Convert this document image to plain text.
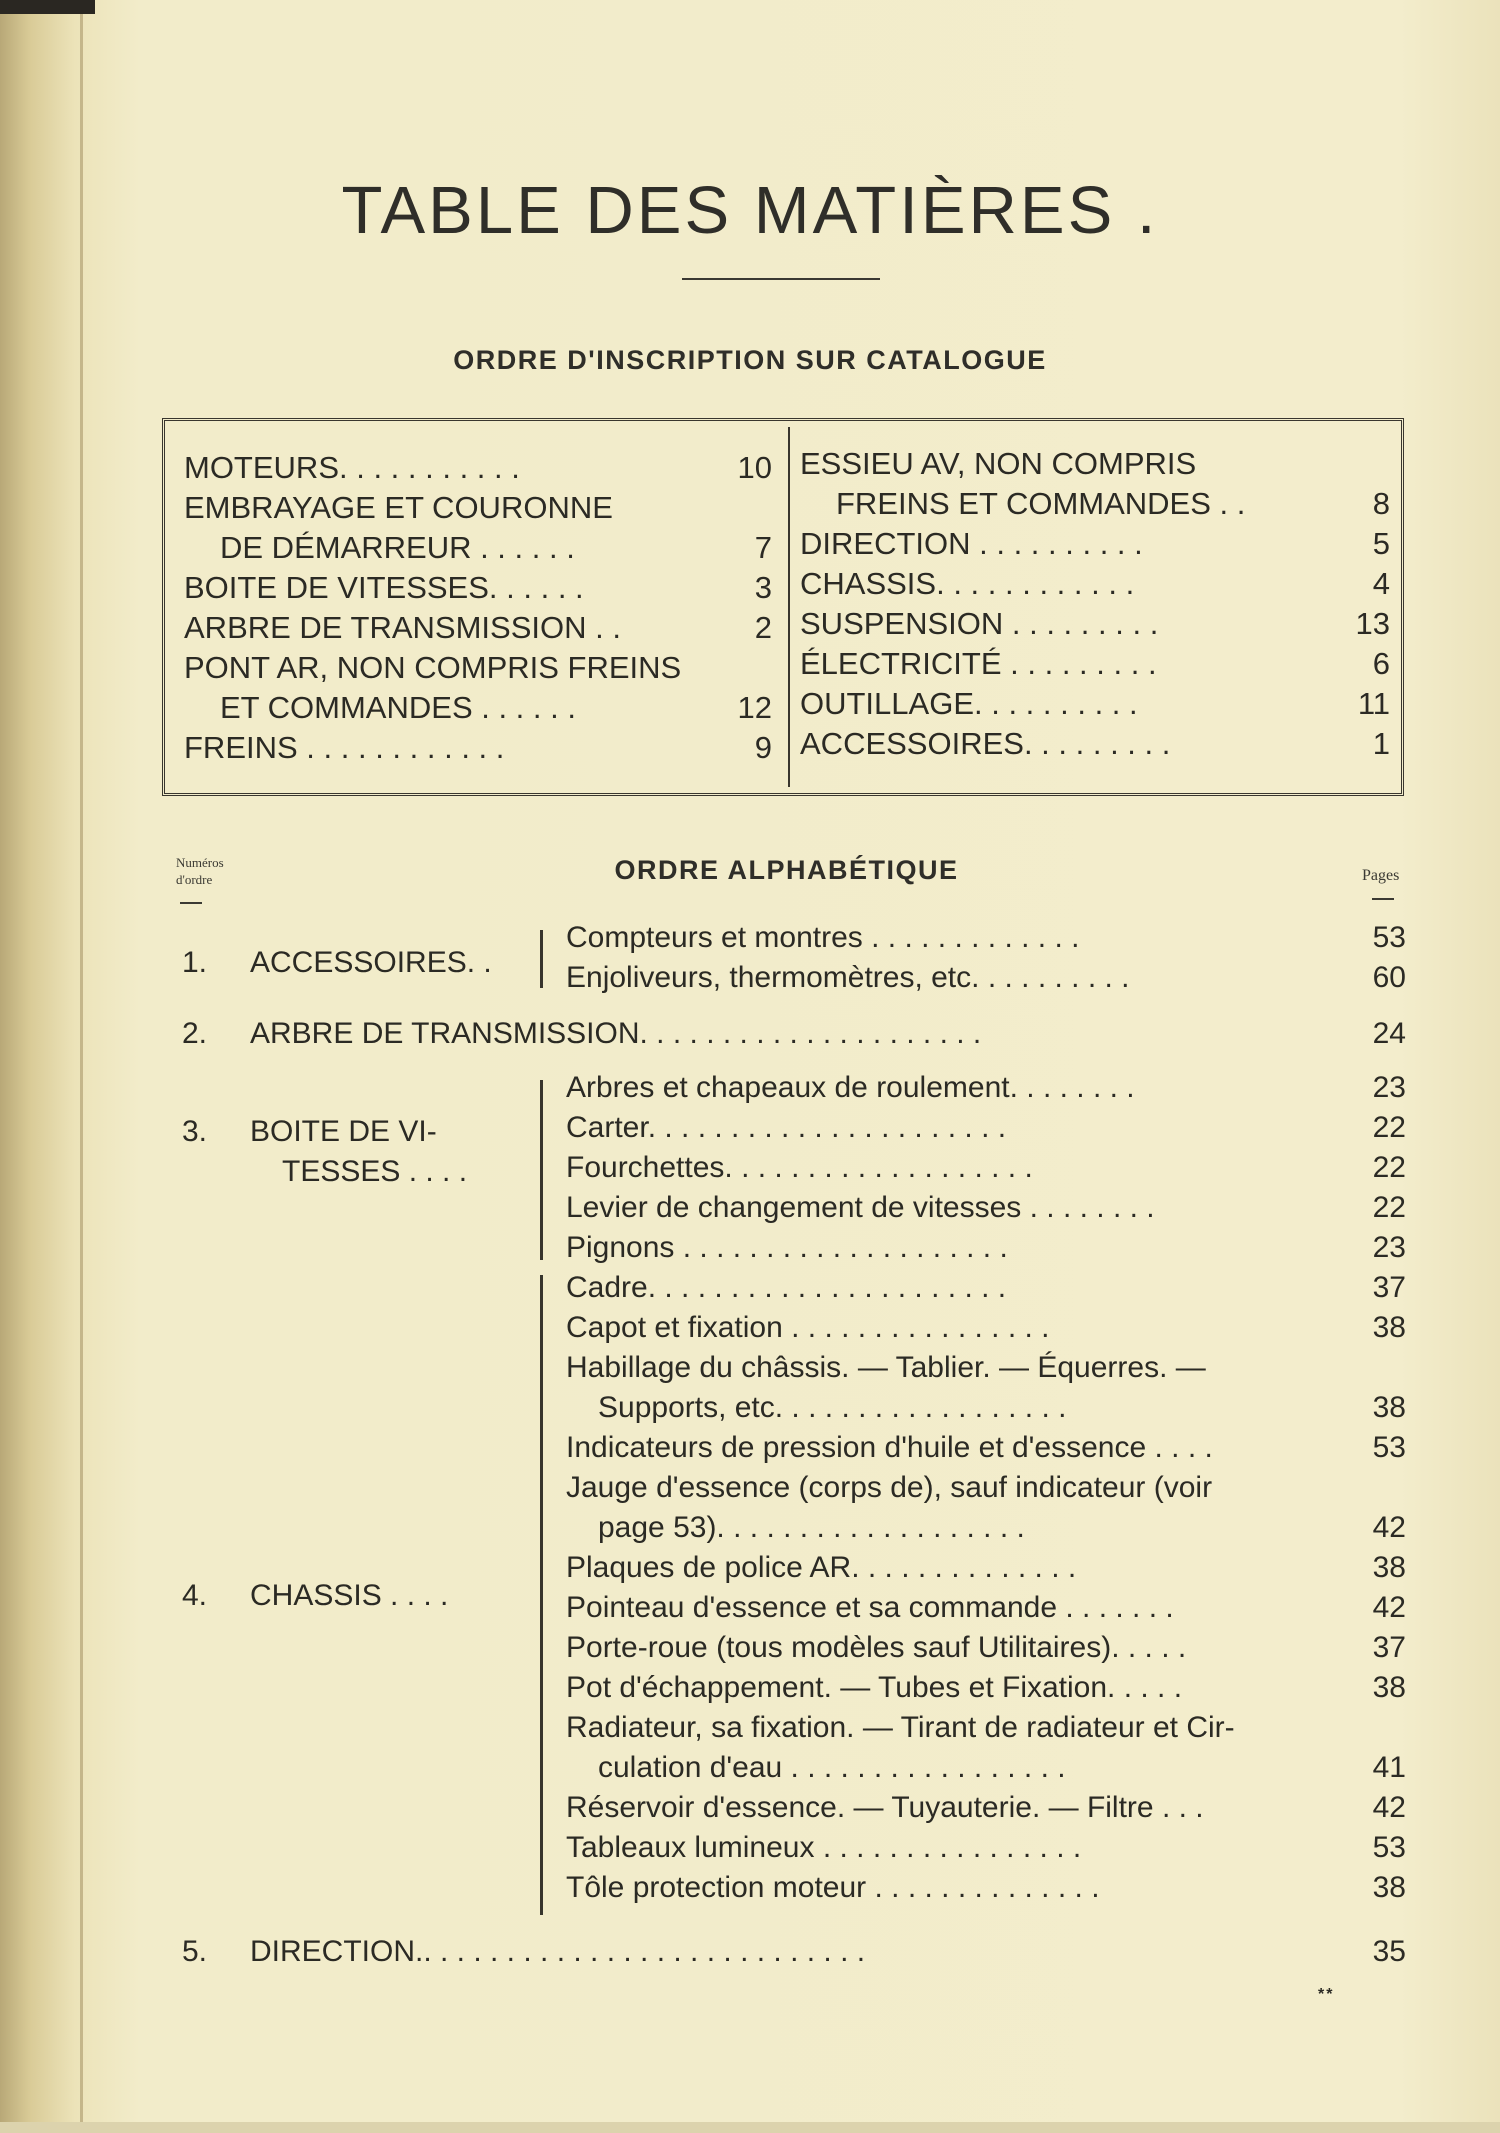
TABLE DES MATIÈRES .
ORDRE D'INSCRIPTION SUR CATALOGUE
MOTEURS. . . . . . . . . . .	10
EMBRAYAGE ET COURONNE
DE DÉMARREUR . . . . . .	7
BOITE DE VITESSES. . . . . .	3
ARBRE DE TRANSMISSION . .	2
PONT AR, NON COMPRIS FREINS
ET COMMANDES . . . . . .	12
FREINS . . . . . . . . . . . .	9
ESSIEU AV, NON COMPRIS
FREINS ET COMMANDES . .	8
DIRECTION . . . . . . . . . .	5
CHASSIS. . . . . . . . . . . .	4
SUSPENSION . . . . . . . . .	13
ÉLECTRICITÉ . . . . . . . . .	6
OUTILLAGE. . . . . . . . . .	11
ACCESSOIRES. . . . . . . . .	1
Numéros
d'ordre	ORDRE ALPHABÉTIQUE	Pages
1. ACCESSOIRES. .
Compteurs et montres . . . . . . . . . . . . .	53
Enjoliveurs, thermomètres, etc. . . . . . . . . .	60
2. ARBRE DE TRANSMISSION. . . . . . . . . . . . . . . . . . . . .	24
3. BOITE DE VI-
TESSES . . . .
Arbres et chapeaux de roulement. . . . . . . .	23
Carter. . . . . . . . . . . . . . . . . . . . . .	22
Fourchettes. . . . . . . . . . . . . . . . . . .	22
Levier de changement de vitesses . . . . . . . .	22
Pignons . . . . . . . . . . . . . . . . . . . .	23
4. CHASSIS . . . .
Cadre. . . . . . . . . . . . . . . . . . . . . .	37
Capot et fixation . . . . . . . . . . . . . . . .	38
Habillage du châssis. — Tablier. — Équerres. —
Supports, etc. . . . . . . . . . . . . . . . . .	38
Indicateurs de pression d'huile et d'essence . . . .	53
Jauge d'essence (corps de), sauf indicateur (voir
page 53). . . . . . . . . . . . . . . . . . .	42
Plaques de police AR. . . . . . . . . . . . . .	38
Pointeau d'essence et sa commande . . . . . . .	42
Porte-roue (tous modèles sauf Utilitaires). . . . .	37
Pot d'échappement. — Tubes et Fixation. . . . .	38
Radiateur, sa fixation. — Tirant de radiateur et Cir-
culation d'eau . . . . . . . . . . . . . . . . .	41
Réservoir d'essence. — Tuyauterie. — Filtre . . .	42
Tableaux lumineux . . . . . . . . . . . . . . . .	53
Tôle protection moteur . . . . . . . . . . . . . .	38
5. DIRECTION.. . . . . . . . . . . . . . . . . . . . . . . . . . .	35
**
